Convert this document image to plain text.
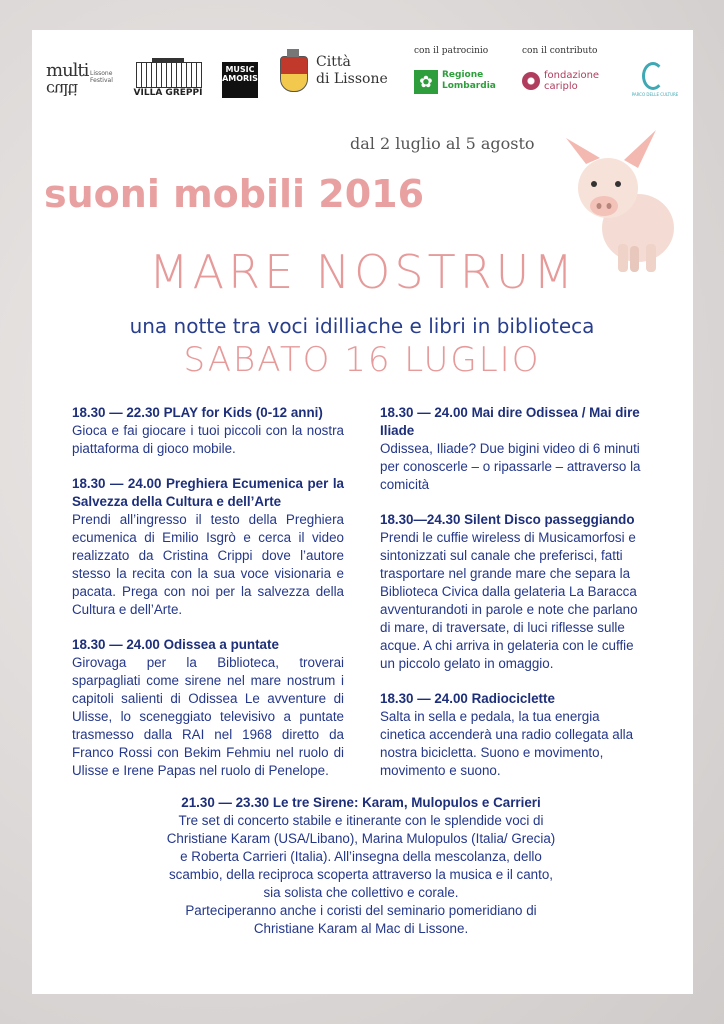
multi
culti
Lissone Festival
VILLA GREPPI
MUSIC AMORIS
Città
di Lissone
con il patrocinio
✿	Regione
Lombardia
con il contributo
fondazione
cariplo
PARCO DELLE CULTURE
dal 2 luglio al 5 agosto
suoni mobili 2016
MARE NOSTRUM
una notte tra voci idilliache e libri in biblioteca
SABATO 16 LUGLIO
18.30 — 22.30 PLAY for Kids (0-12 anni)
Gioca e fai giocare i tuoi piccoli con la nostra piattaforma di gioco mobile.
18.30 — 24.00 Preghiera Ecumenica per la Salvezza della Cultura e dell’Arte
Prendi all’ingresso il testo della Preghiera ecumenica di Emilio Isgrò e cerca il video realizzato da Cristina Crippi dove l’autore stesso la recita con la sua voce visionaria e pacata. Prega con noi per la salvezza della Cultura e dell’Arte.
18.30 — 24.00 Odissea a puntate
Girovaga per la Biblioteca, troverai sparpagliati come sirene nel mare nostrum i capitoli salienti di Odissea Le avventure di Ulisse, lo sceneggiato televisivo a puntate trasmesso dalla RAI nel 1968 diretto da Franco Rossi con Bekim Fehmiu nel ruolo di Ulisse e Irene Papas nel ruolo di Penelope.
18.30 — 24.00 Mai dire Odissea / Mai dire Iliade
Odissea, Iliade? Due bigini video di 6 minuti per conoscerle – o ripassarle – attraverso la comicità
18.30—24.30 Silent Disco passeggiando
Prendi le cuffie wireless di Musicamorfosi e sintonizzati sul canale che preferisci, fatti trasportare nel grande mare che separa la Biblioteca Civica dalla gelateria La Baracca avventurandoti in parole e note che parlano di mare, di traversate, di luci riflesse sulle acque. A chi arriva in gelateria con le cuffie un piccolo gelato in omaggio.
18.30 — 24.00 Radiociclette
Salta in sella e pedala, la tua energia cinetica accenderà una radio collegata alla nostra bicicletta. Suono e movimento, movimento e suono.
21.30 — 23.30 Le tre Sirene: Karam, Mulopulos e Carrieri
Tre set di concerto stabile e itinerante con le splendide voci di Christiane Karam (USA/Libano), Marina Mulopulos (Italia/ Grecia) e Roberta Carrieri (Italia). All’insegna della mescolanza, dello scambio, della reciproca scoperta attraverso la musica e il canto, sia solista che collettivo e corale.
Parteciperanno anche i coristi del seminario pomeridiano di Christiane Karam al Mac di Lissone.
